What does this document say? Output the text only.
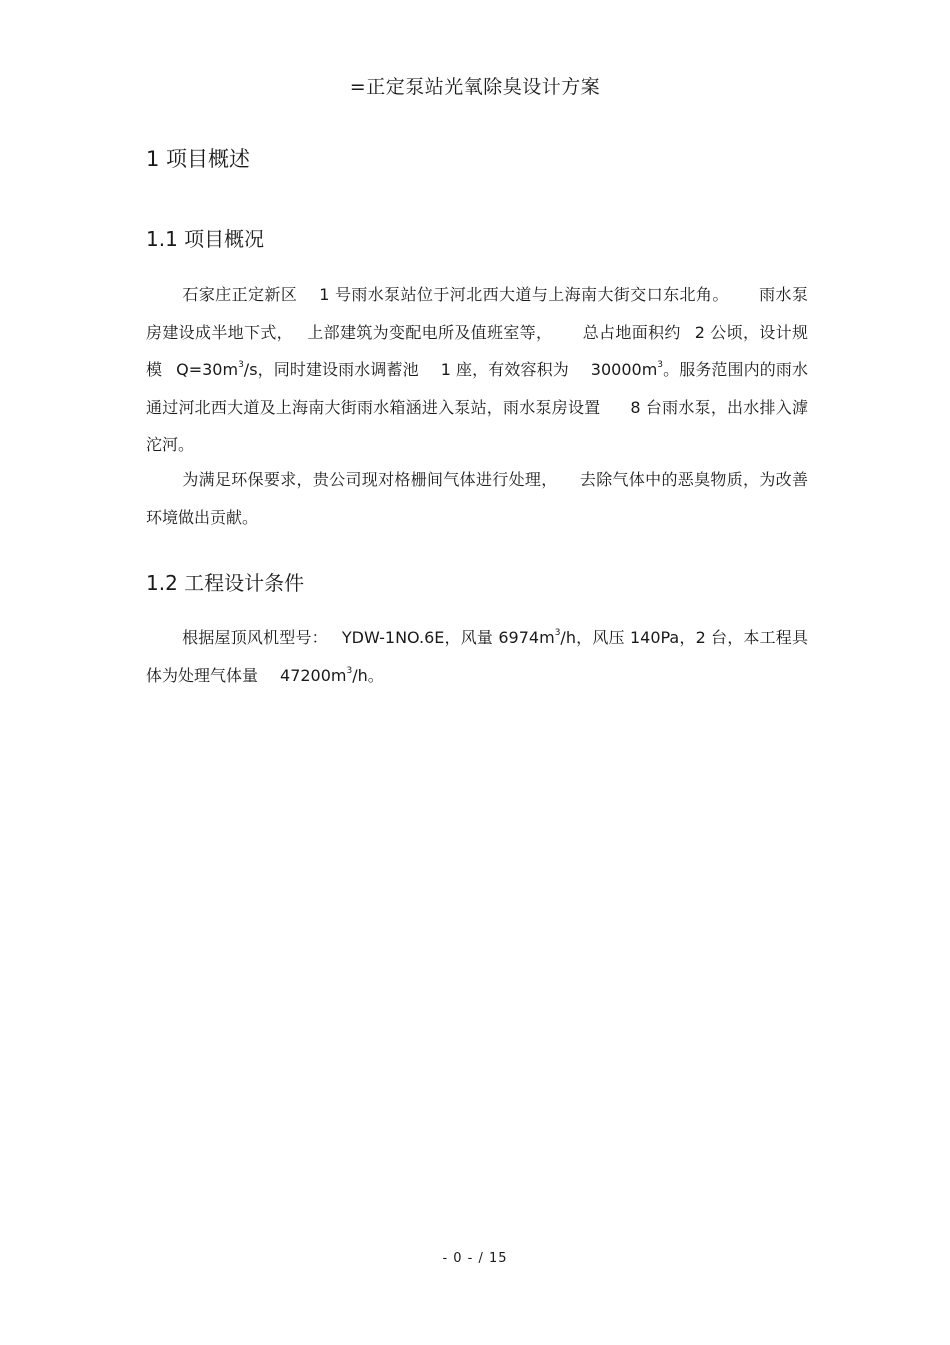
=正定泵站光氧除臭设计方案
1 项目概述
1.1 项目概况

石家庄正定新区 1 号雨水泵站位于河北西大道与上海南大街交口东北角。 雨水泵房建设成半地下式， 上部建筑为变配电所及值班室等， 总占地面积约 2 公顷，设计规模 $Q=30m^3/s$，同时建设雨水调蓄池 1 座，有效容积为 $30000m^3$。服务范围内的雨水通过河北西大道及上海南大街雨水箱涵进入泵站，雨水泵房设置 8 台雨水泵，出水排入滹沱河。

为满足环保要求，贵公司现对格栅间气体进行处理， 去除气体中的恶臭物质，为改善环境做出贡献。

1.2 工程设计条件

根据屋顶风机型号： YDW-1NO.6E，风量 $6974m^3/h$，风压 140Pa，2 台，本工程具体为处理气体量 $47200m^3/h$。

- 0 - / 15
